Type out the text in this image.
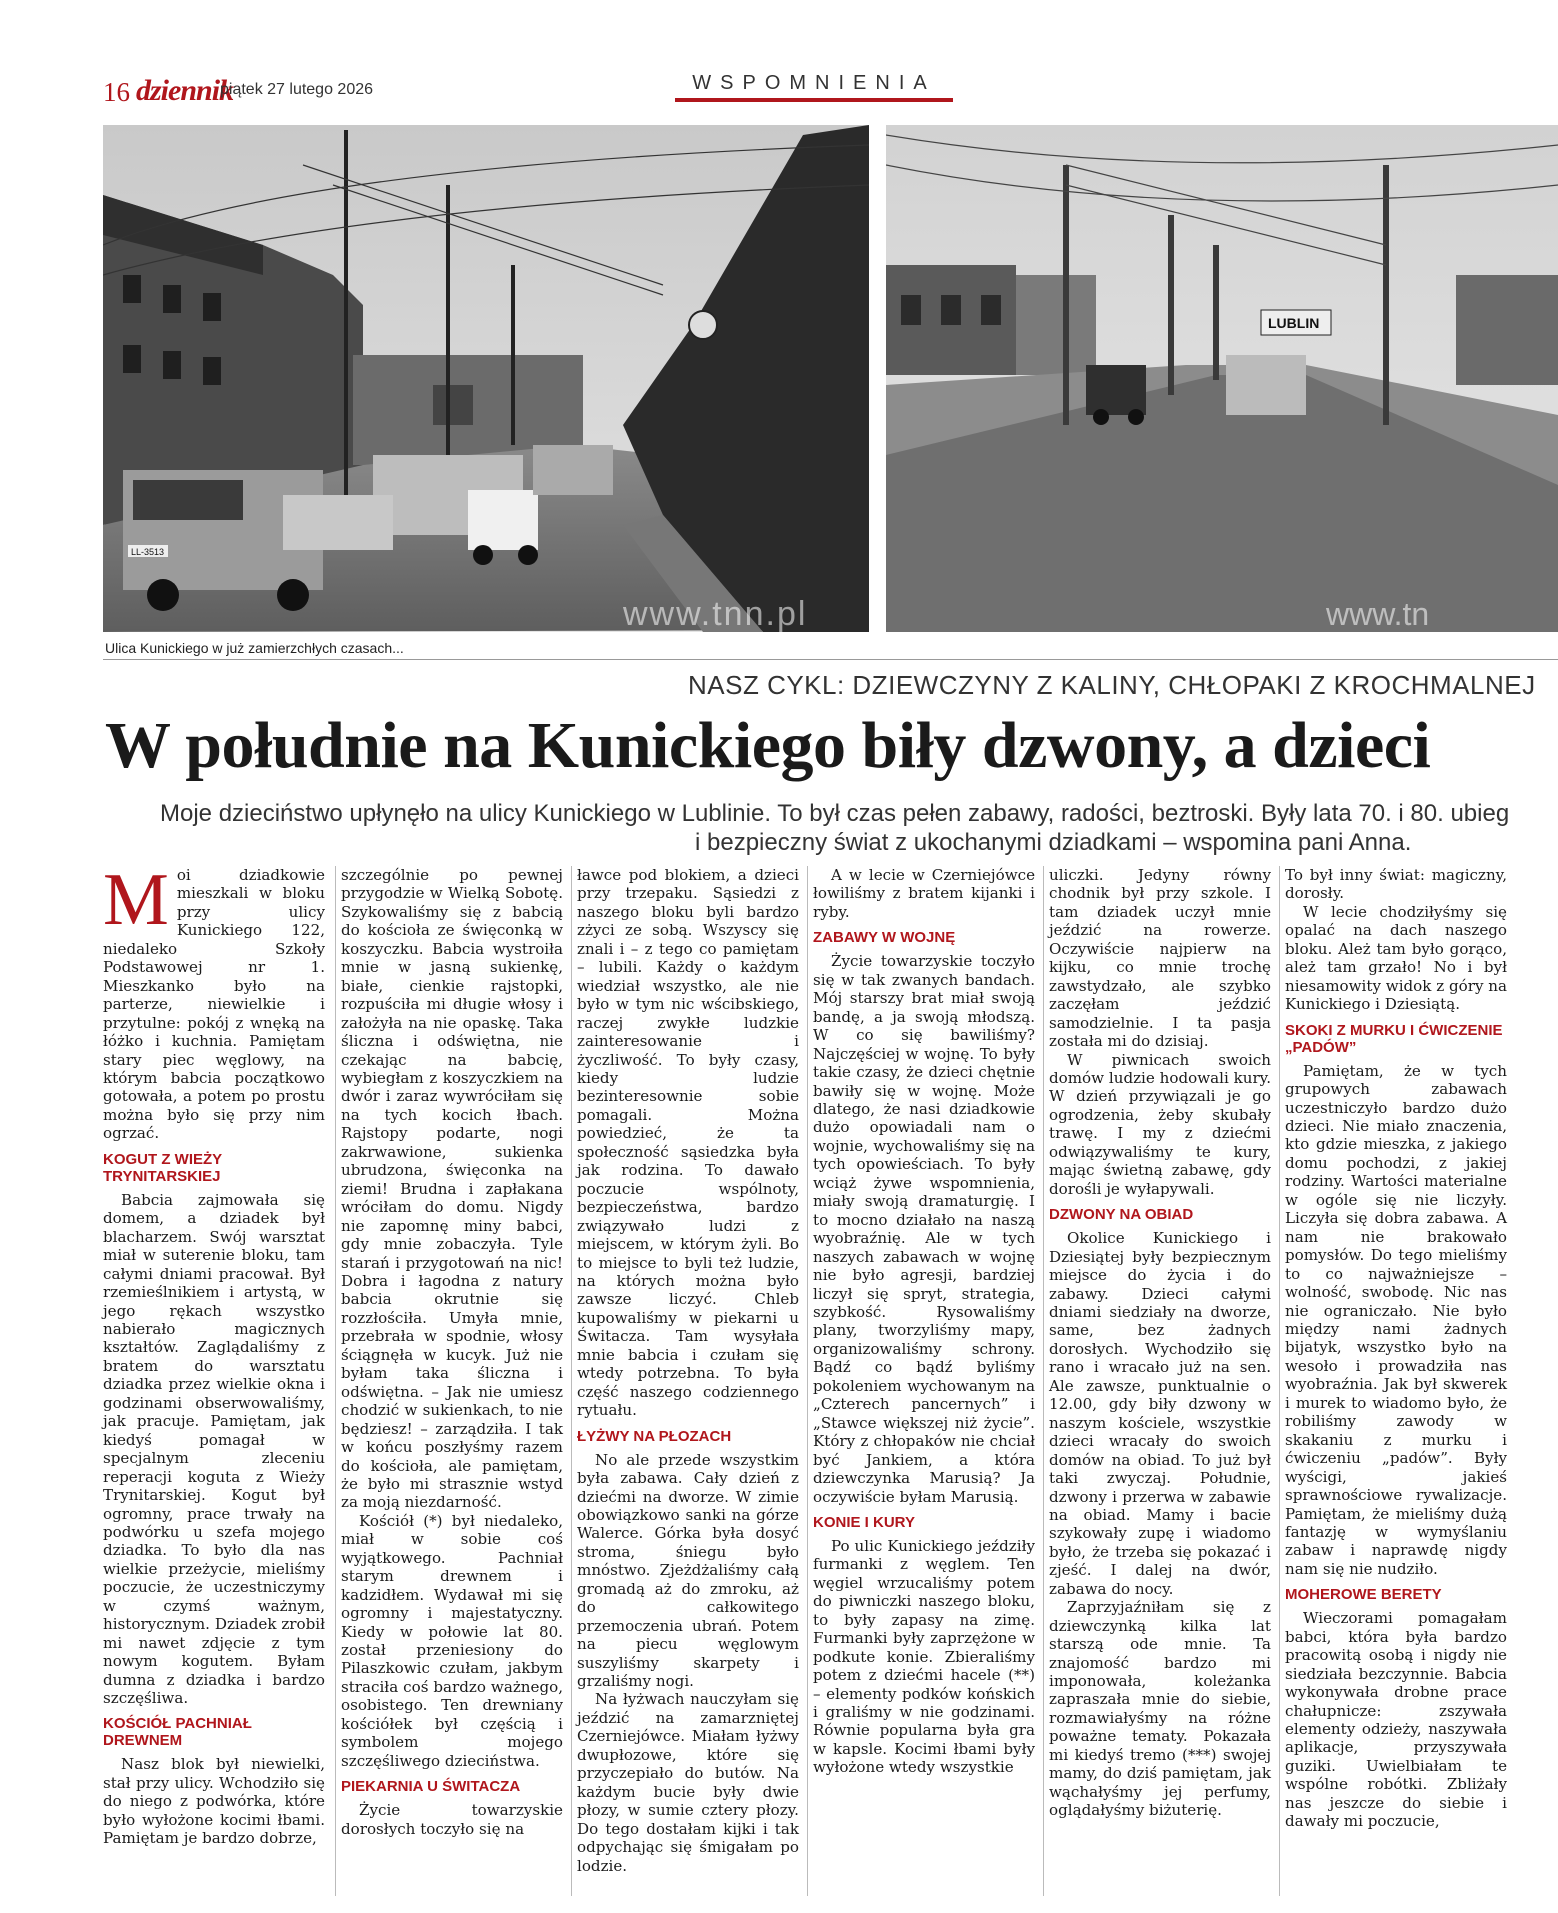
16 dziennik
piątek 27 lutego 2026	WSPOMNIENIA
LL-3513
www.tnn.pl
LUBLIN
www.tn
Ulica Kunickiego w już zamierzchłych czasach...
NASZ CYKL: DZIEWCZYNY Z KALINY, CHŁOPAKI Z KROCHMALNEJ
W południe na Kunickiego biły dzwony, a dzieci
Moje dzieciństwo upłynęło na ulicy Kunickiego w Lublinie. To był czas pełen zabawy, radości, beztroski. Były lata 70. i 80. ubieg
i bezpieczny świat z ukochanymi dziadkami – wspomina pani Anna.

Moi dziadkowie mieszkali w bloku przy ulicy Kunickiego 122, niedaleko Szkoły Podstawowej nr 1. Mieszkanko było na parterze, niewielkie i przytulne: pokój z wnęką na łóżko i kuchnia. Pamiętam stary piec węglowy, na którym babcia początkowo gotowała, a potem po prostu można było się przy nim ogrzać.

KOGUT Z WIEŻY TRYNITARSKIEJ

Babcia zajmowała się domem, a dziadek był blacharzem. Swój warsztat miał w suterenie bloku, tam całymi dniami pracował. Był rzemieślnikiem i artystą, w jego rękach wszystko nabierało magicznych kształtów. Zaglądaliśmy z bratem do warsztatu dziadka przez wielkie okna i godzinami obserwowaliśmy, jak pracuje. Pamiętam, jak kiedyś pomagał w specjalnym zleceniu reperacji koguta z Wieży Trynitarskiej. Kogut był ogromny, prace trwały na podwórku u szefa mojego dziadka. To było dla nas wielkie przeżycie, mieliśmy poczucie, że uczestniczymy w czymś ważnym, historycznym. Dziadek zrobił mi nawet zdjęcie z tym nowym kogutem. Byłam dumna z dziadka i bardzo szczęśliwa.

KOŚCIÓŁ PACHNIAŁ DREWNEM

Nasz blok był niewielki, stał przy ulicy. Wchodziło się do niego z podwórka, które było wyłożone kocimi łbami. Pamiętam je bardzo dobrze,

szczególnie po pewnej przygodzie w Wielką Sobotę. Szykowaliśmy się z babcią do kościoła ze święconką w koszyczku. Babcia wystroiła mnie w jasną sukienkę, białe, cienkie rajstopki, rozpuściła mi długie włosy i założyła na nie opaskę. Taka śliczna i odświętna, nie czekając na babcię, wybiegłam z koszyczkiem na dwór i zaraz wywróciłam się na tych kocich łbach. Rajstopy podarte, nogi zakrwawione, sukienka ubrudzona, święconka na ziemi! Brudna i zapłakana wróciłam do domu. Nigdy nie zapomnę miny babci, gdy mnie zobaczyła. Tyle starań i przygotowań na nic! Dobra i łagodna z natury babcia okrutnie się rozzłościła. Umyła mnie, przebrała w spodnie, włosy ściągnęła w kucyk. Już nie byłam taka śliczna i odświętna. – Jak nie umiesz chodzić w sukienkach, to nie będziesz! – zarządziła. I tak w końcu poszłyśmy razem do kościoła, ale pamiętam, że było mi strasznie wstyd za moją niezdarność.

Kościół (*) był niedaleko, miał w sobie coś wyjątkowego. Pachniał starym drewnem i kadzidłem. Wydawał mi się ogromny i majestatyczny. Kiedy w połowie lat 80. został przeniesiony do Pilaszkowic czułam, jakbym straciła coś bardzo ważnego, osobistego. Ten drewniany kościółek był częścią i symbolem mojego szczęśliwego dzieciństwa.

PIEKARNIA U ŚWITACZA

Życie towarzyskie dorosłych toczyło się na

ławce pod blokiem, a dzieci przy trzepaku. Sąsiedzi z naszego bloku byli bardzo zżyci ze sobą. Wszyscy się znali i – z tego co pamiętam – lubili. Każdy o każdym wiedział wszystko, ale nie było w tym nic wścibskiego, raczej zwykłe ludzkie zainteresowanie i życzliwość. To były czasy, kiedy ludzie bezinteresownie sobie pomagali. Można powiedzieć, że ta społeczność sąsiedzka była jak rodzina. To dawało poczucie wspólnoty, bezpieczeństwa, bardzo związywało ludzi z miejscem, w którym żyli. Bo to miejsce to byli też ludzie, na których można było zawsze liczyć. Chleb kupowaliśmy w piekarni u Świtacza. Tam wysyłała mnie babcia i czułam się wtedy potrzebna. To była część naszego codziennego rytuału.

ŁYŻWY NA PŁOZACH

No ale przede wszystkim była zabawa. Cały dzień z dziećmi na dworze. W zimie obowiązkowo sanki na górze Walerce. Górka była dosyć stroma, śniegu było mnóstwo. Zjeżdżaliśmy całą gromadą aż do zmroku, aż do całkowitego przemoczenia ubrań. Potem na piecu węglowym suszyliśmy skarpety i grzaliśmy nogi.

Na łyżwach nauczyłam się jeździć na zamarzniętej Czerniejówce. Miałam łyżwy dwupłozowe, które się przyczepiało do butów. Na każdym bucie były dwie płozy, w sumie cztery płozy. Do tego dostałam kijki i tak odpychając się śmigałam po lodzie.

A w lecie w Czerniejówce łowiliśmy z bratem kijanki i ryby.

ZABAWY W WOJNĘ

Życie towarzyskie toczyło się w tak zwanych bandach. Mój starszy brat miał swoją bandę, a ja swoją młodszą. W co się bawiliśmy? Najczęściej w wojnę. To były takie czasy, że dzieci chętnie bawiły się w wojnę. Może dlatego, że nasi dziadkowie dużo opowiadali nam o wojnie, wychowaliśmy się na tych opowieściach. To były wciąż żywe wspomnienia, miały swoją dramaturgię. I to mocno działało na naszą wyobraźnię. Ale w tych naszych zabawach w wojnę nie było agresji, bardziej liczył się spryt, strategia, szybkość. Rysowaliśmy plany, tworzyliśmy mapy, organizowaliśmy schrony. Bądź co bądź byliśmy pokoleniem wychowanym na „Czterech pancernych” i „Stawce większej niż życie”. Który z chłopaków nie chciał być Jankiem, a która dziewczynka Marusią? Ja oczywiście byłam Marusią.

KONIE I KURY

Po ulic Kunickiego jeździły furmanki z węglem. Ten węgiel wrzucaliśmy potem do piwniczki naszego bloku, to były zapasy na zimę. Furmanki były zaprzężone w podkute konie. Zbieraliśmy potem z dziećmi hacele (**) – elementy podków końskich i graliśmy w nie godzinami. Równie popularna była gra w kapsle. Kocimi łbami były wyłożone wtedy wszystkie

uliczki. Jedyny równy chodnik był przy szkole. I tam dziadek uczył mnie jeździć na rowerze. Oczywiście najpierw na kijku, co mnie trochę zawstydzało, ale szybko zaczęłam jeździć samodzielnie. I ta pasja została mi do dzisiaj.

W piwnicach swoich domów ludzie hodowali kury. W dzień przywiązali je go ogrodzenia, żeby skubały trawę. I my z dziećmi odwiązywaliśmy te kury, mając świetną zabawę, gdy dorośli je wyłapywali.

DZWONY NA OBIAD

Okolice Kunickiego i Dziesiątej były bezpiecznym miejsce do życia i do zabawy. Dzieci całymi dniami siedziały na dworze, same, bez żadnych dorosłych. Wychodziło się rano i wracało już na sen. Ale zawsze, punktualnie o 12.00, gdy biły dzwony w naszym kościele, wszystkie dzieci wracały do swoich domów na obiad. To już był taki zwyczaj. Południe, dzwony i przerwa w zabawie na obiad. Mamy i bacie szykowały zupę i wiadomo było, że trzeba się pokazać i zjeść. I dalej na dwór, zabawa do nocy.

Zaprzyjaźniłam się z dziewczynką kilka lat starszą ode mnie. Ta znajomość bardzo mi imponowała, koleżanka zapraszała mnie do siebie, rozmawiałyśmy na różne poważne tematy. Pokazała mi kiedyś tremo (***) swojej mamy, do dziś pamiętam, jak wąchałyśmy jej perfumy, oglądałyśmy biżuterię.

To był inny świat: magiczny, dorosły.

W lecie chodziłyśmy się opalać na dach naszego bloku. Ależ tam było gorąco, ależ tam grzało! No i był niesamowity widok z góry na Kunickiego i Dziesiątą.

SKOKI Z MURKU I ĆWICZENIE „PADÓW”

Pamiętam, że w tych grupowych zabawach uczestniczyło bardzo dużo dzieci. Nie miało znaczenia, kto gdzie mieszka, z jakiego domu pochodzi, z jakiej rodziny. Wartości materialne w ogóle się nie liczyły. Liczyła się dobra zabawa. A nam nie brakowało pomysłów. Do tego mieliśmy to co najważniejsze – wolność, swobodę. Nic nas nie ograniczało. Nie było między nami żadnych bijatyk, wszystko było na wesoło i prowadziła nas wyobraźnia. Jak był skwerek i murek to wiadomo było, że robiliśmy zawody w skakaniu z murku i ćwiczeniu „padów”. Były wyścigi, jakieś sprawnościowe rywalizacje. Pamiętam, że mieliśmy dużą fantazję w wymyślaniu zabaw i naprawdę nigdy nam się nie nudziło.

MOHEROWE BERETY

Wieczorami pomagałam babci, która była bardzo pracowitą osobą i nigdy nie siedziała bezczynnie. Babcia wykonywała drobne prace chałupnicze: zszywała elementy odzieży, naszywała aplikacje, przyszywała guziki. Uwielbiałam te wspólne robótki. Zbliżały nas jeszcze do siebie i dawały mi poczucie,
